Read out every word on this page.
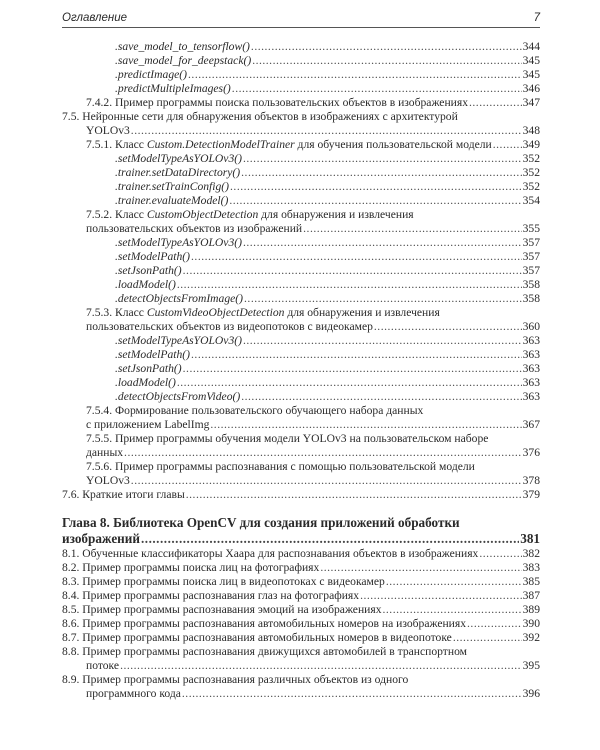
Оглавление	7
.save_model_to_tensorflow() .....	344
.save_model_for_deepstack() .....	345
.predictImage() .....	345
.predictMultipleImages() .....	346
7.4.2. Пример программы поиска пользовательских объектов в изображениях .....	347
7.5. Нейронные сети для обнаружения объектов в изображениях с архитектурой
YOLOv3 .....	348
7.5.1. Класс Custom.DetectionModelTrainer для обучения пользовательской модели .....	349
.setModelTypeAsYOLOv3() .....	352
.trainer.setDataDirectory() .....	352
.trainer.setTrainConfig() .....	352
.trainer.evaluateModel() .....	354
7.5.2. Класс CustomObjectDetection для обнаружения и извлечения
пользовательских объектов из изображений .....	355
.setModelTypeAsYOLOv3() .....	357
.setModelPath() .....	357
.setJsonPath() .....	357
.loadModel() .....	358
.detectObjectsFromImage() .....	358
7.5.3. Класс CustomVideoObjectDetection для обнаружения и извлечения
пользовательских объектов из видеопотоков с видеокамер .....	360
.setModelTypeAsYOLOv3() .....	363
.setModelPath() .....	363
.setJsonPath() .....	363
.loadModel() .....	363
.detectObjectsFromVideo() .....	363
7.5.4. Формирование пользовательского обучающего набора данных
с приложением LabelImg .....	367
7.5.5. Пример программы обучения модели YOLOv3 на пользовательском наборе
данных .....	376
7.5.6. Пример программы распознавания с помощью пользовательской модели
YOLOv3 .....	378
7.6. Краткие итоги главы .....	379
Глава 8. Библиотека OpenCV для создания приложений обработки
изображений .....	381
8.1. Обученные классификаторы Хаара для распознавания объектов в изображениях .....	382
8.2. Пример программы поиска лиц на фотографиях .....	383
8.3. Пример программы поиска лиц в видеопотоках с видеокамер .....	385
8.4. Пример программы распознавания глаз на фотографиях .....	387
8.5. Пример программы распознавания эмоций на изображениях .....	389
8.6. Пример программы распознавания автомобильных номеров на изображениях .....	390
8.7. Пример программы распознавания автомобильных номеров в видеопотоке .....	392
8.8. Пример программы распознавания движущихся автомобилей в транспортном
потоке .....	395
8.9. Пример программы распознавания различных объектов из одного
программного кода .....	396
